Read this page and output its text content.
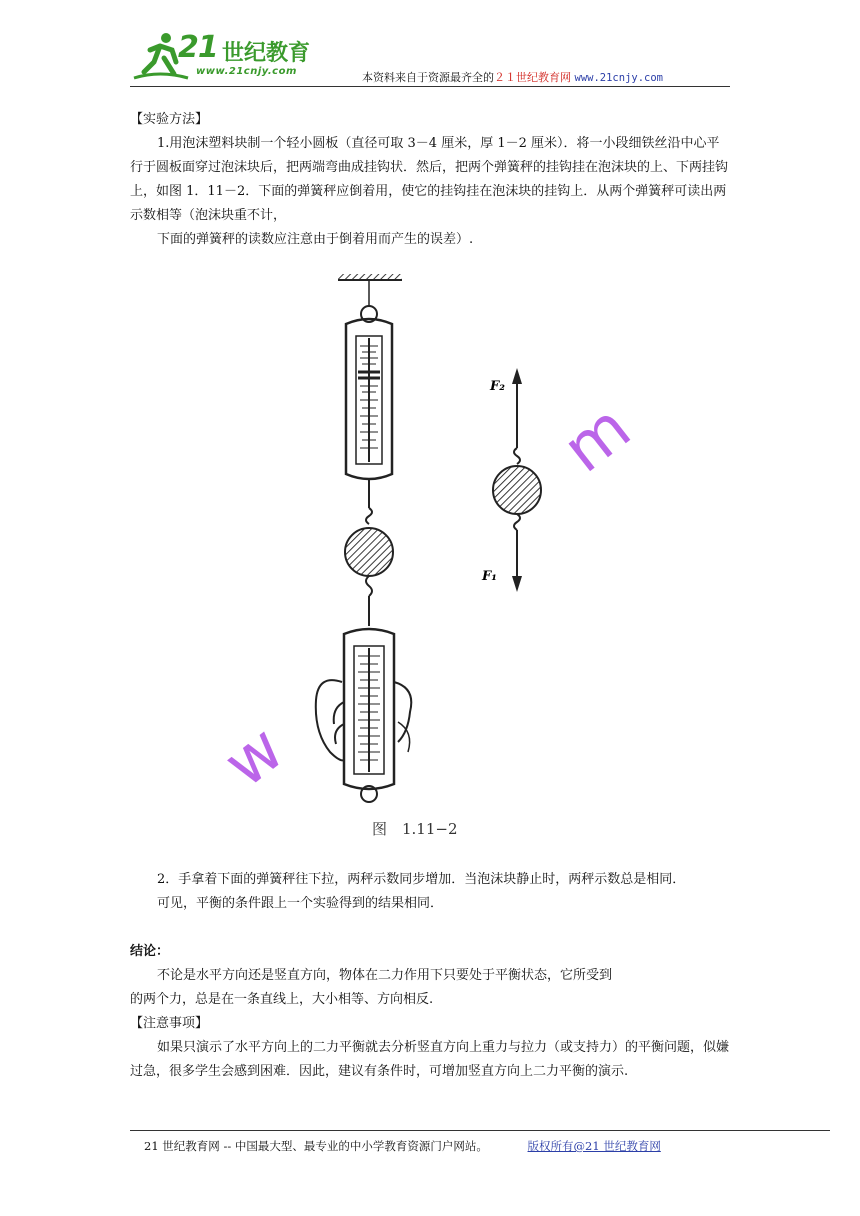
21 世纪教育
www.21cnjy.com	本资料来自于资源最齐全的２１世纪教育网 www.21cnjy.com
【实验方法】
1.用泡沫塑料块制一个轻小圆板（直径可取 3－4 厘米，厚 1－2 厘米）．将一小段细铁丝沿中心平行于圆板面穿过泡沫块后，把两端弯曲成挂钩状．然后，把两个弹簧秤的挂钩挂在泡沫块的上、下两挂钩上，如图 1．11－2．下面的弹簧秤应倒着用，使它的挂钩挂在泡沫块的挂钩上．从两个弹簧秤可读出两示数相等（泡沫块重不计，
下面的弹簧秤的读数应注意由于倒着用而产生的误差）.
F₂
F₁
图　1.11−2
w
m
2．手拿着下面的弹簧秤往下拉，两秤示数同步增加．当泡沫块静止时，两秤示数总是相同．
可见，平衡的条件跟上一个实验得到的结果相同．
结论：
不论是水平方向还是竖直方向，物体在二力作用下只要处于平衡状态，它所受到
的两个力，总是在一条直线上，大小相等、方向相反.
【注意事项】
如果只演示了水平方向上的二力平衡就去分析竖直方向上重力与拉力（或支持力）的平衡问题，似嫌过急，很多学生会感到困难．因此，建议有条件时，可增加竖直方向上二力平衡的演示.
21 世纪教育网 -- 中国最大型、最专业的中小学教育资源门户网站。	版权所有@21 世纪教育网
